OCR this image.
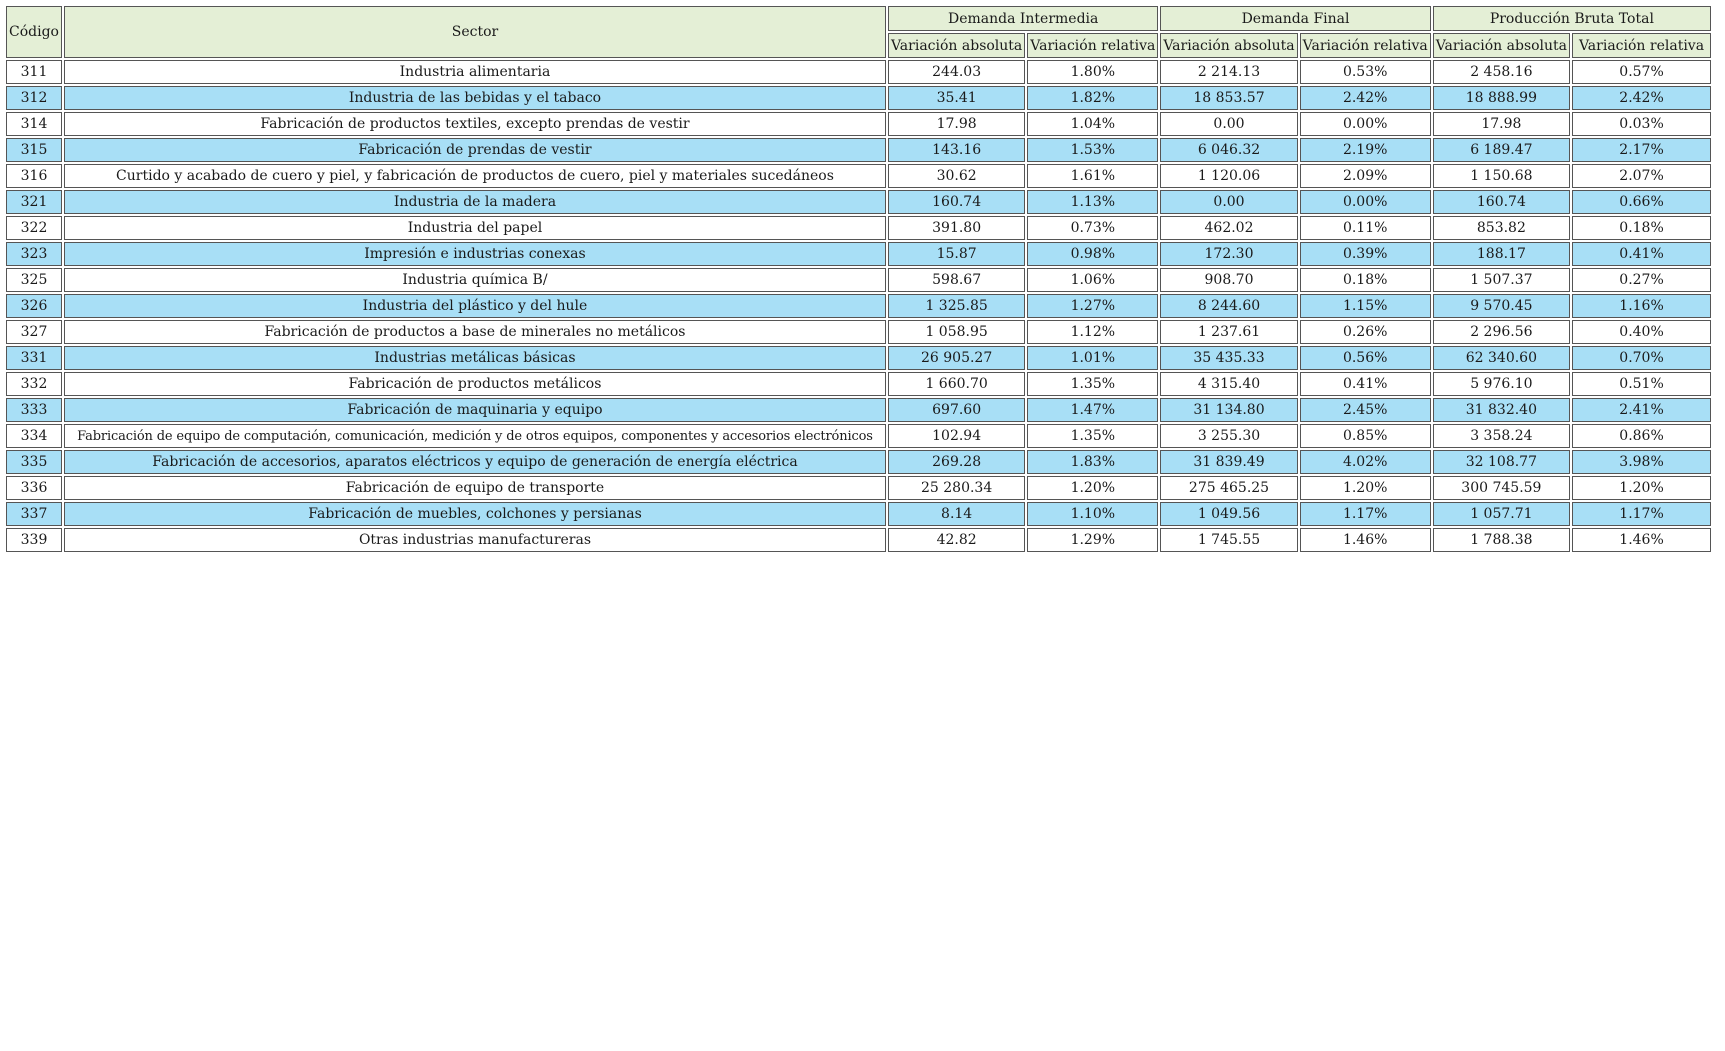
Código	Sector	Demanda Intermedia		Demanda Final		Producción Bruta Total	
		Variación absoluta	Variación relativa	Variación absoluta	Variación relativa	Variación absoluta	Variación relativa
311	Industria alimentaria	244.03	1.80%	2 214.13	0.53%	2 458.16	0.57%
312	Industria de las bebidas y el tabaco	35.41	1.82%	18 853.57	2.42%	18 888.99	2.42%
314	Fabricación de productos textiles, excepto prendas de vestir	17.98	1.04%	0.00	0.00%	17.98	0.03%
315	Fabricación de prendas de vestir	143.16	1.53%	6 046.32	2.19%	6 189.47	2.17%
316	Curtido y acabado de cuero y piel, y fabricación de productos de cuero, piel y materiales sucedáneos	30.62	1.61%	1 120.06	2.09%	1 150.68	2.07%
321	Industria de la madera	160.74	1.13%	0.00	0.00%	160.74	0.66%
322	Industria del papel	391.80	0.73%	462.02	0.11%	853.82	0.18%
323	Impresión e industrias conexas	15.87	0.98%	172.30	0.39%	188.17	0.41%
325	Industria química B/	598.67	1.06%	908.70	0.18%	1 507.37	0.27%
326	Industria del plástico y del hule	1 325.85	1.27%	8 244.60	1.15%	9 570.45	1.16%
327	Fabricación de productos a base de minerales no metálicos	1 058.95	1.12%	1 237.61	0.26%	2 296.56	0.40%
331	Industrias metálicas básicas	26 905.27	1.01%	35 435.33	0.56%	62 340.60	0.70%
332	Fabricación de productos metálicos	1 660.70	1.35%	4 315.40	0.41%	5 976.10	0.51%
333	Fabricación de maquinaria y equipo	697.60	1.47%	31 134.80	2.45%	31 832.40	2.41%
334	Fabricación de equipo de computación, comunicación, medición y de otros equipos, componentes y accesorios electrónicos	102.94	1.35%	3 255.30	0.85%	3 358.24	0.86%
335	Fabricación de accesorios, aparatos eléctricos y equipo de generación de energía eléctrica	269.28	1.83%	31 839.49	4.02%	32 108.77	3.98%
336	Fabricación de equipo de transporte	25 280.34	1.20%	275 465.25	1.20%	300 745.59	1.20%
337	Fabricación de muebles, colchones y persianas	8.14	1.10%	1 049.56	1.17%	1 057.71	1.17%
339	Otras industrias manufactureras	42.82	1.29%	1 745.55	1.46%	1 788.38	1.46%
